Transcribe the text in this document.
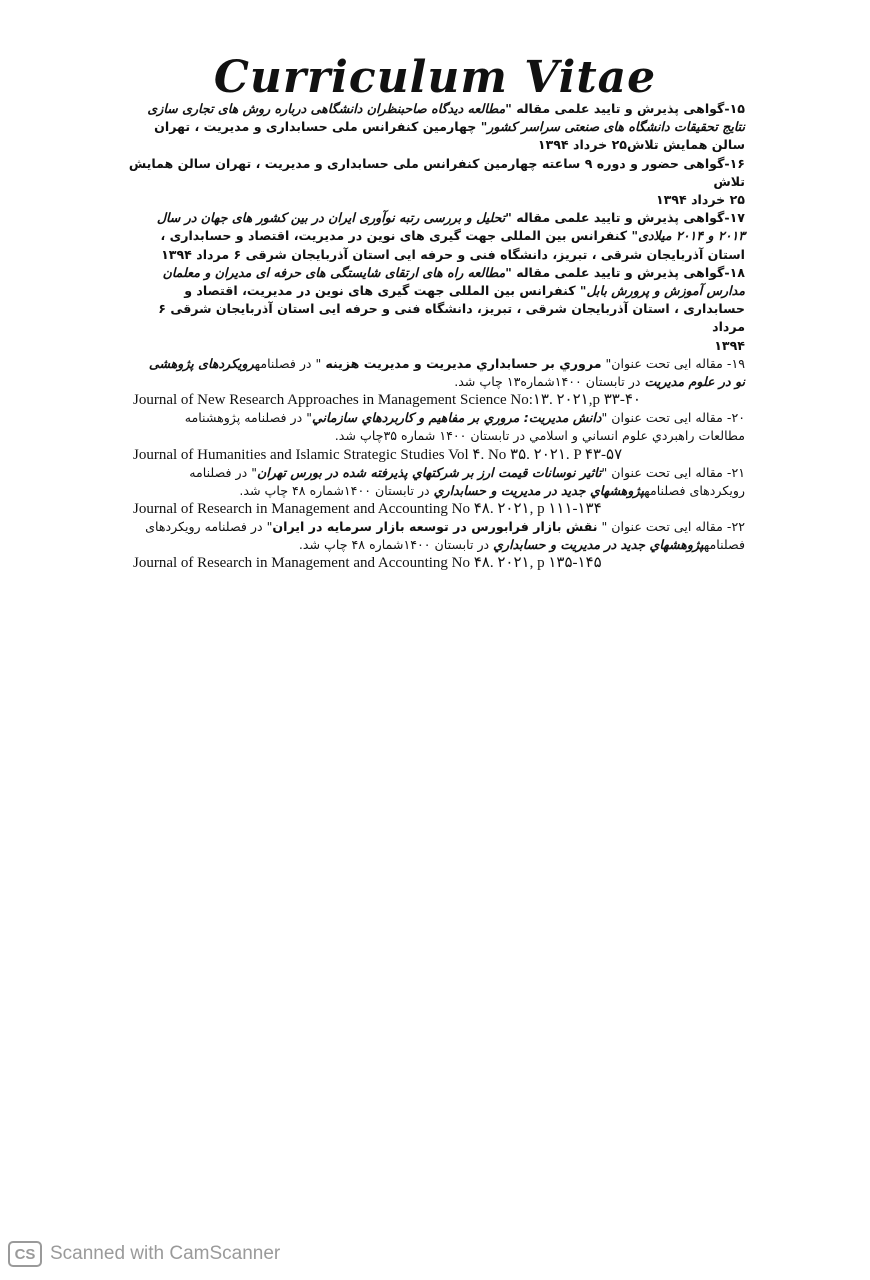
Curriculum Vitae

۱۵-گواهی پذیرش و تایید علمی مقاله "مطالعه دیدگاه صاحبنظران دانشگاهی درباره روش های تجاری سازی

نتایج تحقیقات دانشگاه های صنعتی سراسر کشور" چهارمین کنفرانس ملی حسابداری و مدیریت ، تهران

سالن همایش تلاش۲۵ خرداد ۱۳۹۴

۱۶-گواهی حضور و دوره ۹ ساعته چهارمین کنفرانس ملی حسابداری و مدیریت ، تهران سالن همایش تلاش

۲۵ خرداد ۱۳۹۴

۱۷-گواهی پذیرش و تایید علمی مقاله "تحلیل و بررسی رتبه نوآوری ایران در بین کشور های جهان در سال

۲۰۱۳ و ۲۰۱۴ میلادی" کنفرانس بین المللی جهت گیری های نوین در مدیریت، اقتصاد و حسابداری ،

استان آذربایجان شرقی ، تبریز، دانشگاه فنی و حرفه ایی استان آذربایجان شرقی ۶ مرداد ۱۳۹۴

۱۸-گواهی پذیرش و تایید علمی مقاله "مطالعه راه های ارتقای شایستگی های حرفه ای مدیران و معلمان

مدارس آموزش و پرورش بابل" کنفرانس بین المللی جهت گیری های نوین در مدیریت، اقتصاد و

حسابداری ، استان آذربایجان شرقی ، تبریز، دانشگاه فنی و حرفه ایی استان آذربایجان شرقی ۶ مرداد

۱۳۹۴

۱۹- مقاله ایی تحت عنوان" مروري بر حسابداري مديريت و مديريت هزينه " در فصلنامهرویکردهای پژوهشی

نو در علوم مدیریت در تابستان ۱۴۰۰شماره۱۳ چاپ شد.

Journal of New Research Approaches in Management Science No:۱۳. ۲۰۲۱,p ۳۳-۴۰

۲۰- مقاله ایی تحت عنوان "دانش مدیریت: مروري بر مفاهیم و کاربردهاي سازماني" در فصلنامه پژوهشنامه

مطالعات راهبردي علوم انساني و اسلامي در تابستان ۱۴۰۰ شماره ۳۵چاپ شد.

Journal of Humanities and Islamic Strategic Studies Vol ۴. No ۳۵. ۲۰۲۱. P ۴۳-۵۷

۲۱- مقاله ایی تحت عنوان "تاثیر نوسانات قیمت ارز بر شرکتهاي پذیرفته شده در بورس تهران" در فصلنامه

رویکردهای فصلنامهپژوهشهاي جدید در مدیریت و حسابداري در تابستان ۱۴۰۰شماره ۴۸ چاپ شد.

Journal of Research in Management and Accounting No ۴۸. ۲۰۲۱, p ۱۱۱-۱۳۴

۲۲- مقاله ایی تحت عنوان " نقش بازار فرابورس در توسعه بازار سرمایه در ایران" در فصلنامه رویکردهای

فصلنامهپژوهشهاي جدید در مدیریت و حسابداري در تابستان ۱۴۰۰شماره ۴۸ چاپ شد.

Journal of Research in Management and Accounting No ۴۸. ۲۰۲۱, p ۱۳۵-۱۴۵

CS Scanned with CamScanner
